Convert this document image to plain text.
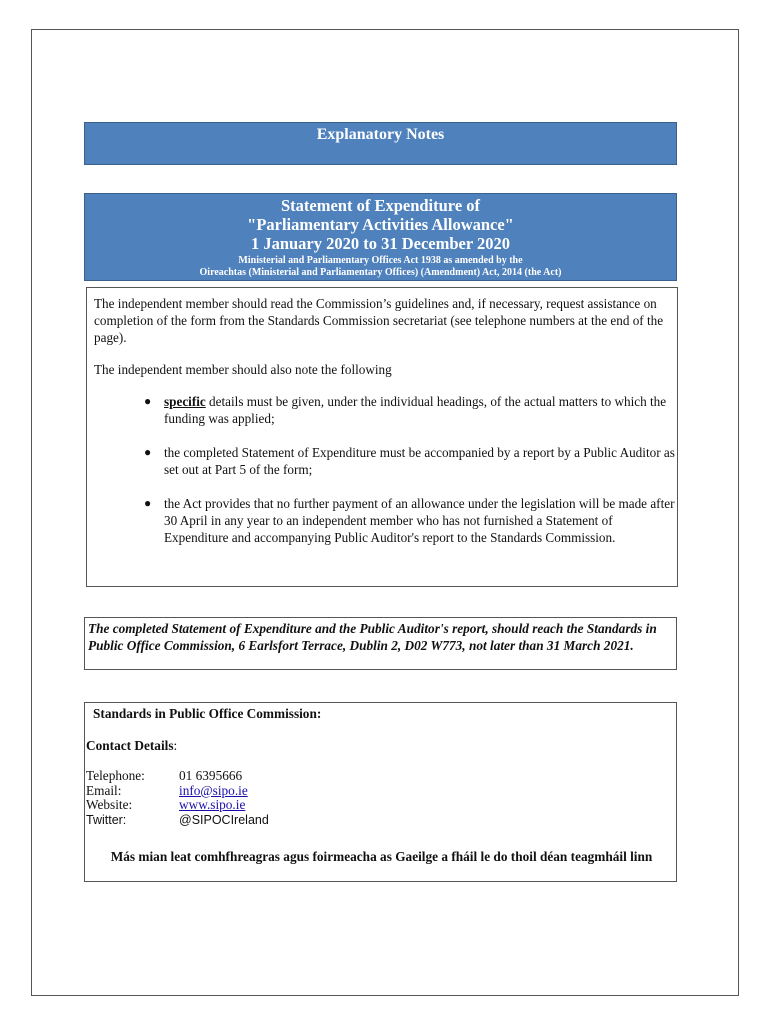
Explanatory Notes
Statement of Expenditure of
"Parliamentary Activities Allowance"
1 January 2020 to 31 December 2020
Ministerial and Parliamentary Offices Act 1938 as amended by the
Oireachtas (Ministerial and Parliamentary Offices) (Amendment) Act, 2014 (the Act)

The independent member should read the Commission’s guidelines and, if necessary, request assistance on completion of the form from the Standards Commission secretariat (see telephone numbers at the end of the page).

The independent member should also note the following

● specific details must be given, under the individual headings, of the actual matters to which the funding was applied;
● the completed Statement of Expenditure must be accompanied by a report by a Public Auditor as set out at Part 5 of the form;
● the Act provides that no further payment of an allowance under the legislation will be made after 30 April in any year to an independent member who has not furnished a Statement of Expenditure and accompanying Public Auditor's report to the Standards Commission.
The completed Statement of Expenditure and the Public Auditor's report, should reach the Standards in Public Office Commission, 6 Earlsfort Terrace, Dublin 2, D02 W773, not later than 31 March 2021.
Standards in Public Office Commission:
Contact Details:
Telephone:	01 6395666
Email:	info@sipo.ie
Website:	www.sipo.ie
Twitter:	@SIPOCIreland
Más mian leat comhfhreagras agus foirmeacha as Gaeilge a fháil le do thoil déan teagmháil linn
